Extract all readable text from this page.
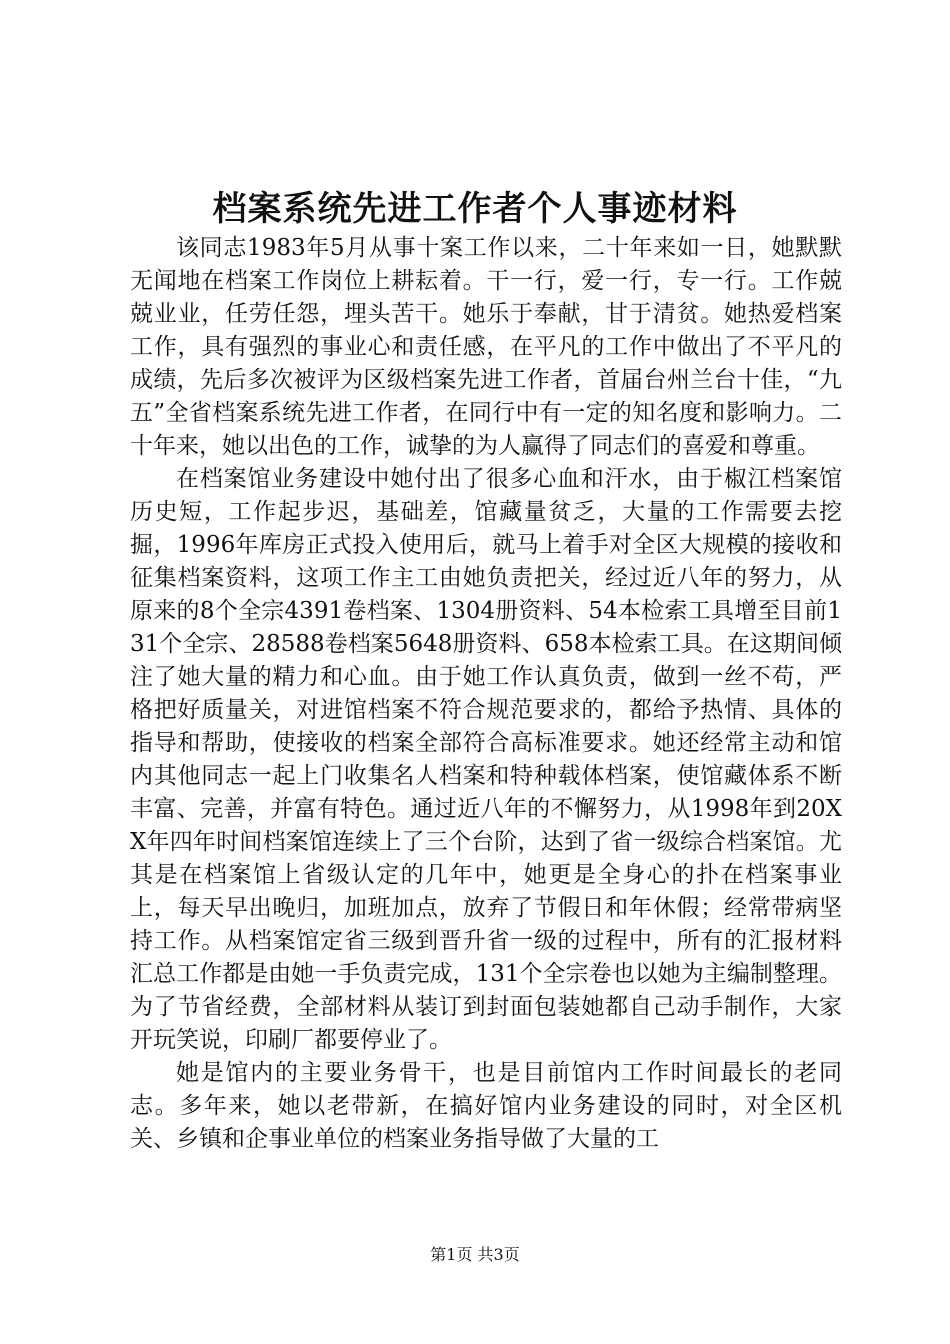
档案系统先进工作者个人事迹材料

该同志1983年5月从事十案工作以来，二十年来如一日，她默默无闻地在档案工作岗位上耕耘着。干一行，爱一行，专一行。工作兢兢业业，任劳任怨，埋头苦干。她乐于奉献，甘于清贫。她热爱档案工作，具有强烈的事业心和责任感，在平凡的工作中做出了不平凡的成绩，先后多次被评为区级档案先进工作者，首届台州兰台十佳，“九五”全省档案系统先进工作者，在同行中有一定的知名度和影响力。二十年来，她以出色的工作，诚挚的为人赢得了同志们的喜爱和尊重。

在档案馆业务建设中她付出了很多心血和汗水，由于椒江档案馆历史短，工作起步迟，基础差，馆藏量贫乏，大量的工作需要去挖掘，1996年库房正式投入使用后，就马上着手对全区大规模的接收和征集档案资料，这项工作主工由她负责把关，经过近八年的努力，从原来的8个全宗4391卷档案、1304册资料、54本检索工具增至目前131个全宗、28588卷档案5648册资料、658本检索工具。在这期间倾注了她大量的精力和心血。由于她工作认真负责，做到一丝不苟，严格把好质量关，对进馆档案不符合规范要求的，都给予热情、具体的指导和帮助，使接收的档案全部符合高标准要求。她还经常主动和馆内其他同志一起上门收集名人档案和特种载体档案，使馆藏体系不断丰富、完善，并富有特色。通过近八年的不懈努力，从1998年到20XX年四年时间档案馆连续上了三个台阶，达到了省一级综合档案馆。尤其是在档案馆上省级认定的几年中，她更是全身心的扑在档案事业上，每天早出晚归，加班加点，放弃了节假日和年休假；经常带病坚持工作。从档案馆定省三级到晋升省一级的过程中，所有的汇报材料汇总工作都是由她一手负责完成，131个全宗卷也以她为主编制整理。为了节省经费，全部材料从装订到封面包装她都自己动手制作，大家开玩笑说，印刷厂都要停业了。

她是馆内的主要业务骨干，也是目前馆内工作时间最长的老同志。多年来，她以老带新，在搞好馆内业务建设的同时，对全区机关、乡镇和企事业单位的档案业务指导做了大量的工

第1页 共3页
